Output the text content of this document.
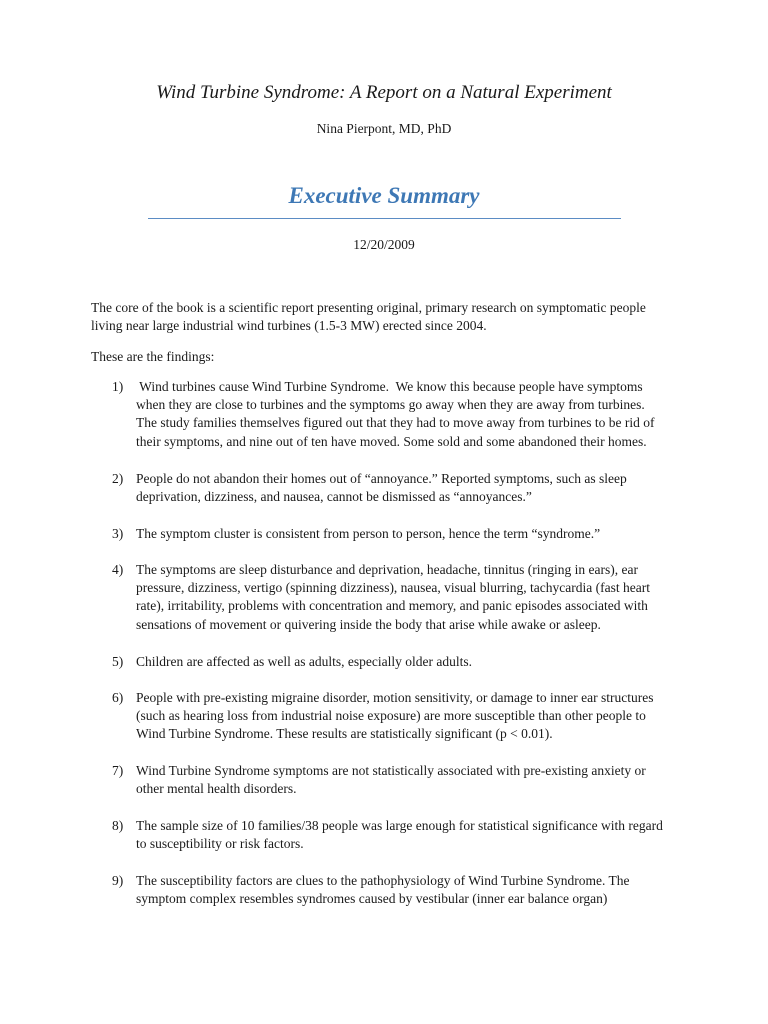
Wind Turbine Syndrome: A Report on a Natural Experiment
Nina Pierpont, MD, PhD
Executive Summary
12/20/2009
The core of the book is a scientific report presenting original, primary research on symptomatic people
living near large industrial wind turbines (1.5-3 MW) erected since 2004.
These are the findings:
1) Wind turbines cause Wind Turbine Syndrome.  We know this because people have symptoms
when they are close to turbines and the symptoms go away when they are away from turbines.
The study families themselves figured out that they had to move away from turbines to be rid of
their symptoms, and nine out of ten have moved. Some sold and some abandoned their homes.
2) People do not abandon their homes out of “annoyance.” Reported symptoms, such as sleep
deprivation, dizziness, and nausea, cannot be dismissed as “annoyances.”
3) The symptom cluster is consistent from person to person, hence the term “syndrome.”
4) The symptoms are sleep disturbance and deprivation, headache, tinnitus (ringing in ears), ear
pressure, dizziness, vertigo (spinning dizziness), nausea, visual blurring, tachycardia (fast heart
rate), irritability, problems with concentration and memory, and panic episodes associated with
sensations of movement or quivering inside the body that arise while awake or asleep.
5) Children are affected as well as adults, especially older adults.
6) People with pre-existing migraine disorder, motion sensitivity, or damage to inner ear structures
(such as hearing loss from industrial noise exposure) are more susceptible than other people to
Wind Turbine Syndrome. These results are statistically significant (p < 0.01).
7) Wind Turbine Syndrome symptoms are not statistically associated with pre-existing anxiety or
other mental health disorders.
8) The sample size of 10 families/38 people was large enough for statistical significance with regard
to susceptibility or risk factors.
9) The susceptibility factors are clues to the pathophysiology of Wind Turbine Syndrome. The
symptom complex resembles syndromes caused by vestibular (inner ear balance organ)
